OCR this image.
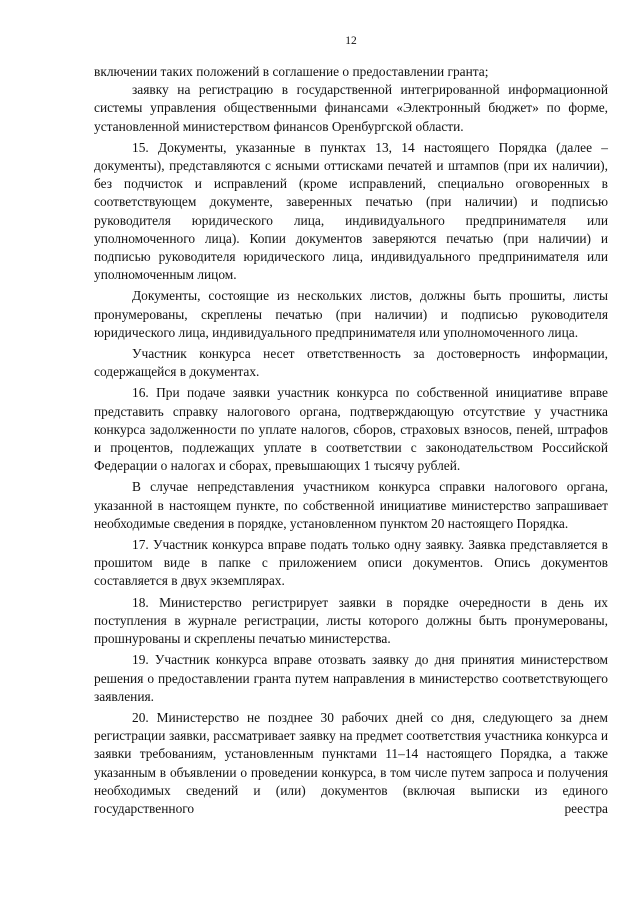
12

включении таких положений в соглашение о предоставлении гранта;

заявку на регистрацию в государственной интегрированной информационной системы управления общественными финансами «Электронный бюджет» по форме, установленной министерством финансов Оренбургской области.

15. Документы, указанные в пунктах 13, 14 настоящего Порядка (далее – документы), представляются с ясными оттисками печатей и штампов (при их наличии), без подчисток и исправлений (кроме исправлений, специально оговоренных в соответствующем документе, заверенных печатью (при наличии) и подписью руководителя юридического лица, индивидуального предпринимателя или уполномоченного лица). Копии документов заверяются печатью (при наличии) и подписью руководителя юридического лица, индивидуального предпринимателя или уполномоченным лицом.

Документы, состоящие из нескольких листов, должны быть прошиты, листы пронумерованы, скреплены печатью (при наличии) и подписью руководителя юридического лица, индивидуального предпринимателя или уполномоченного лица.

Участник конкурса несет ответственность за достоверность информации, содержащейся в документах.

16. При подаче заявки участник конкурса по собственной инициативе вправе представить справку налогового органа, подтверждающую отсутствие у участника конкурса задолженности по уплате налогов, сборов, страховых взносов, пеней, штрафов и процентов, подлежащих уплате в соответствии с законодательством Российской Федерации о налогах и сборах, превышающих 1 тысячу рублей.

В случае непредставления участником конкурса справки налогового органа, указанной в настоящем пункте, по собственной инициативе министерство запрашивает необходимые сведения в порядке, установленном пунктом 20 настоящего Порядка.

17. Участник конкурса вправе подать только одну заявку. Заявка представляется в прошитом виде в папке с приложением описи документов. Опись документов составляется в двух экземплярах.

18. Министерство регистрирует заявки в порядке очередности в день их поступления в журнале регистрации, листы которого должны быть пронумерованы, прошнурованы и скреплены печатью министерства.

19. Участник конкурса вправе отозвать заявку до дня принятия министерством решения о предоставлении гранта путем направления в министерство соответствующего заявления.

20. Министерство не позднее 30 рабочих дней со дня, следующего за днем регистрации заявки, рассматривает заявку на предмет соответствия участника конкурса и заявки требованиям, установленным пунктами 11–14 настоящего Порядка, а также указанным в объявлении о проведении конкурса, в том числе путем запроса и получения необходимых сведений и (или) документов (включая выписки из единого государственного реестра
